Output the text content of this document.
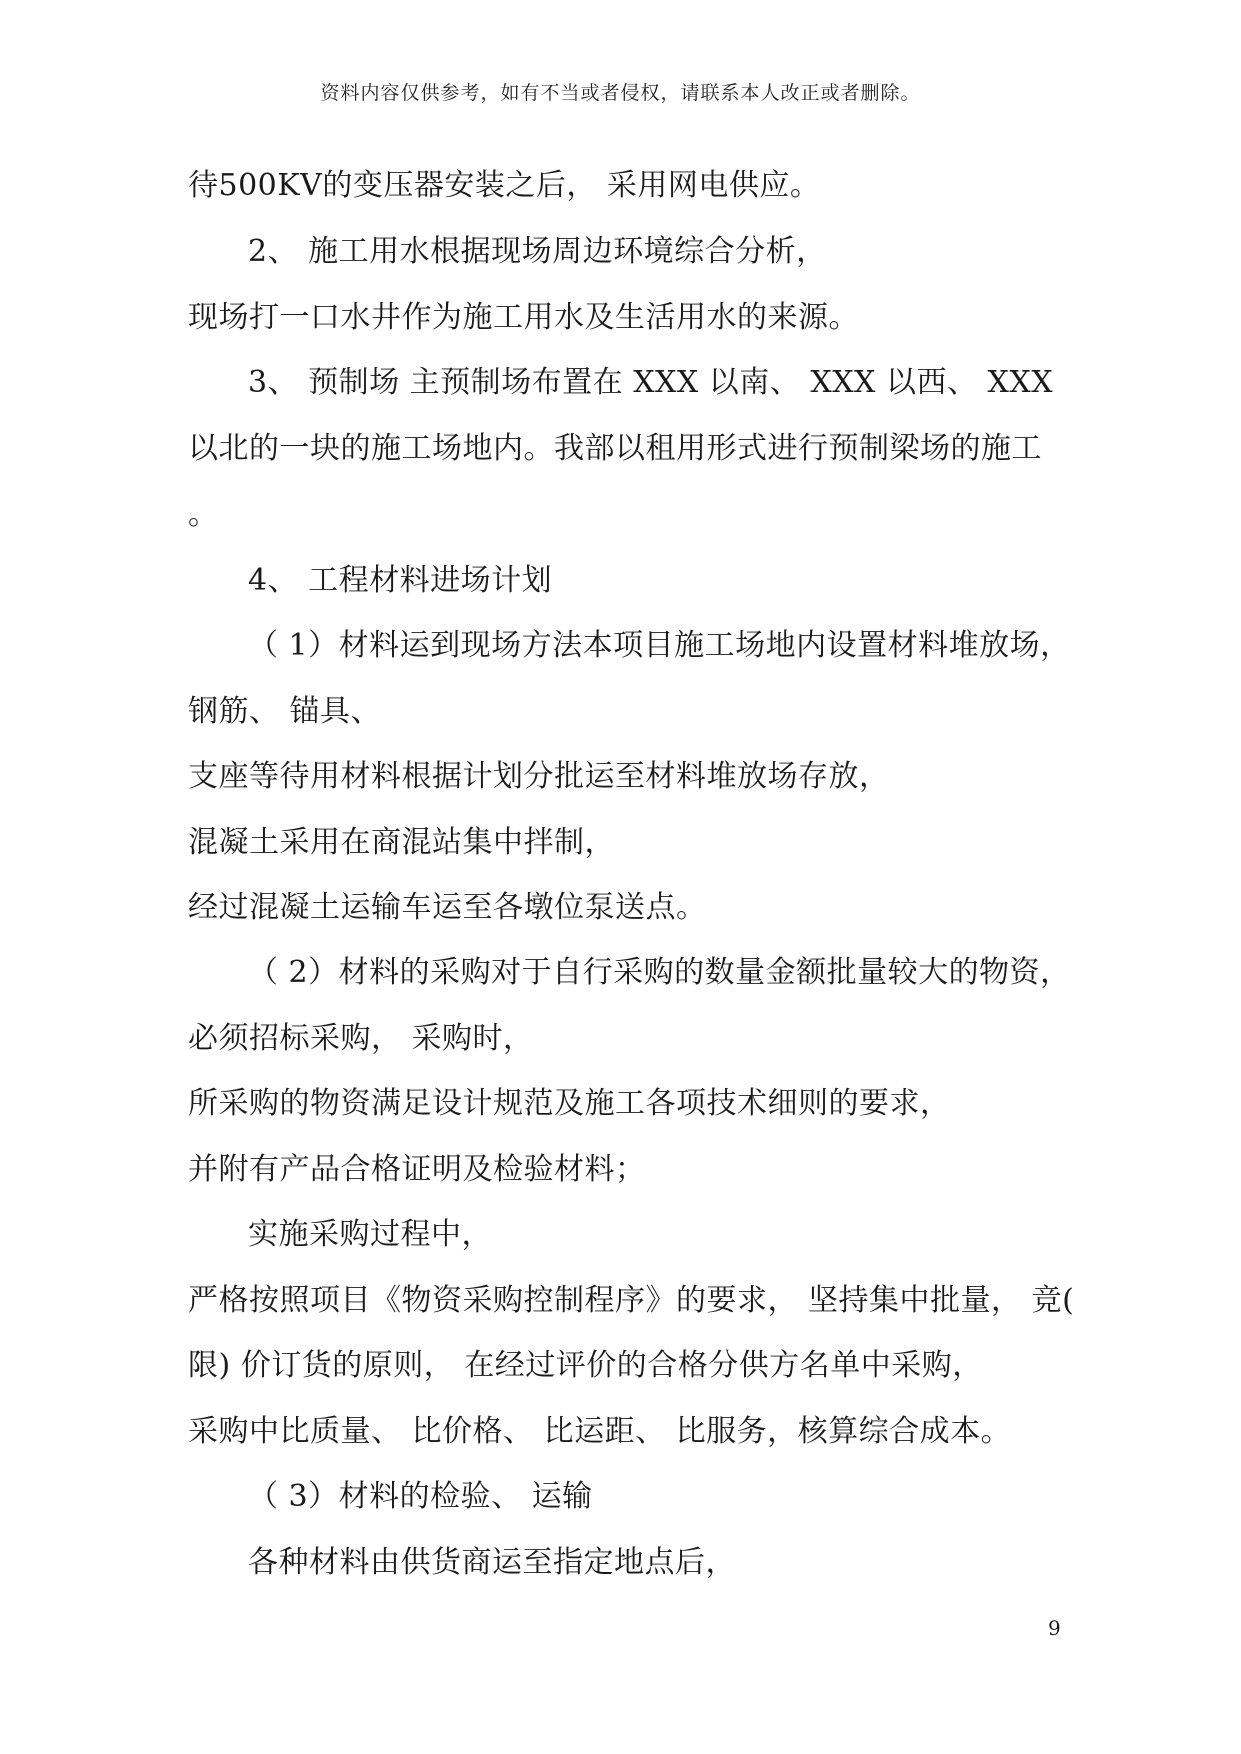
资料内容仅供参考，如有不当或者侵权，请联系本人改正或者删除。
待500KV的变压器安装之后， 采用网电供应。
2、 施工用水根据现场周边环境综合分析，
现场打一口水井作为施工用水及生活用水的来源。
3、 预制场 主预制场布置在 XXX 以南、 XXX 以西、 XXX
以北的一块的施工场地内。我部以租用形式进行预制梁场的施工
。
4、 工程材料进场计划
（ 1）材料运到现场方法本项目施工场地内设置材料堆放场，
钢筋、 锚具、
支座等待用材料根据计划分批运至材料堆放场存放，
混凝土采用在商混站集中拌制，
经过混凝土运输车运至各墩位泵送点。
（ 2）材料的采购对于自行采购的数量金额批量较大的物资，
必须招标采购， 采购时，
所采购的物资满足设计规范及施工各项技术细则的要求，
并附有产品合格证明及检验材料；
实施采购过程中，
严格按照项目《物资采购控制程序》的要求， 坚持集中批量， 竞(
限) 价订货的原则， 在经过评价的合格分供方名单中采购，
采购中比质量、 比价格、 比运距、 比服务，核算综合成本。
（ 3）材料的检验、 运输
各种材料由供货商运至指定地点后，
9
